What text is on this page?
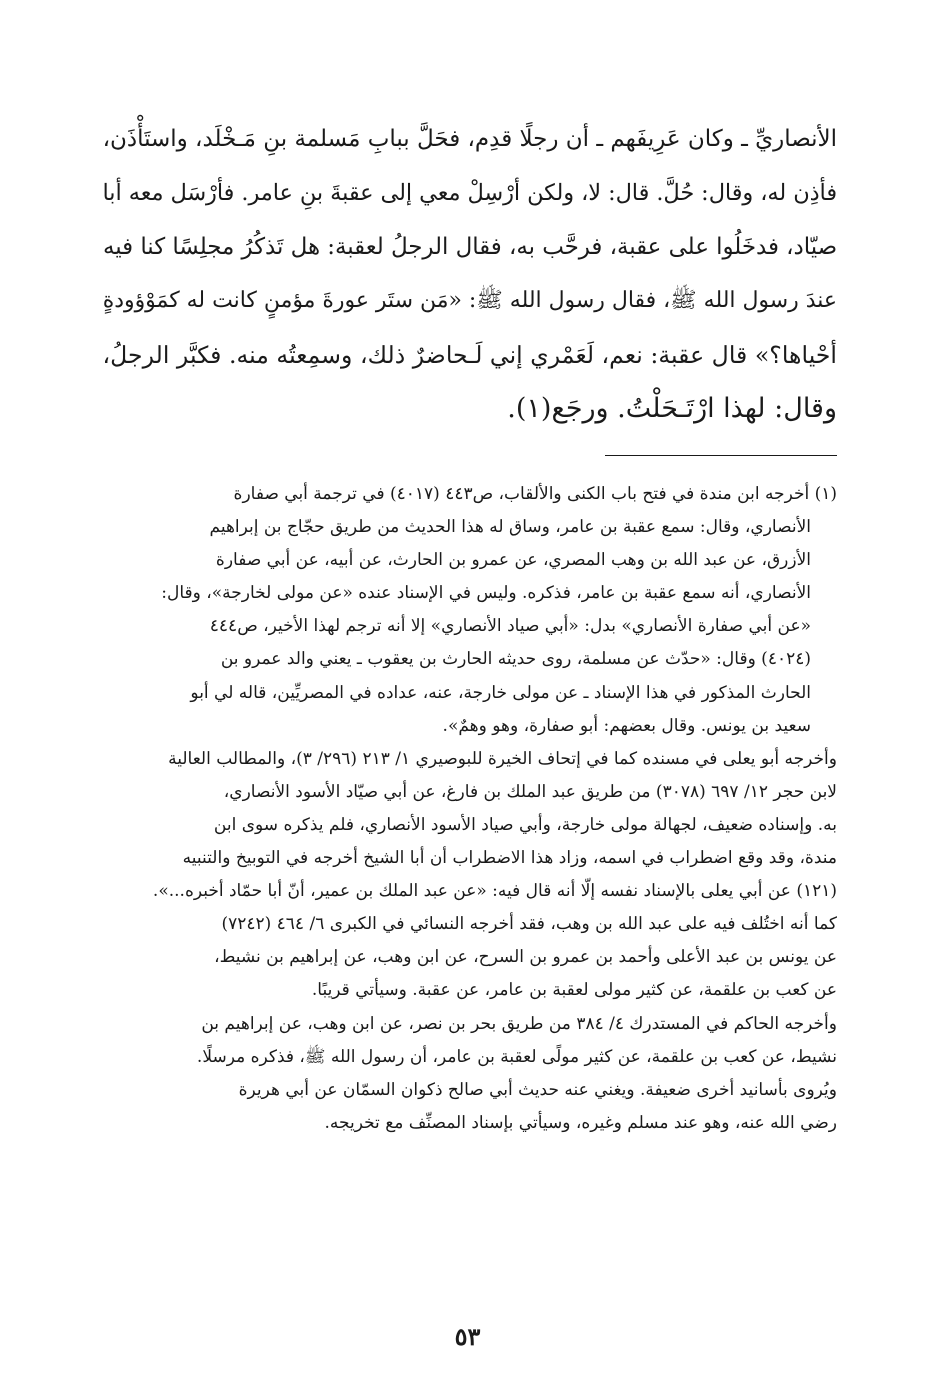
الأنصاريِّ ـ وكان عَرِيفَهم ـ أن رجلًا قدِم، فحَلَّ ببابِ مَسلمة بنِ مَـخْلَد، واستَأْذَن،

فأذِن له، وقال: حُلَّ. قال: لا، ولكن أرْسِلْ معي إلى عقبةَ بنِ عامر. فأرْسَل معه أبا

صيّاد، فدخَلُوا على عقبة، فرحَّب به، فقال الرجلُ لعقبة: هل تَذكُرُ مجلِسًا كنا فيه

عندَ رسول الله ﷺ، فقال رسول الله ﷺ: «مَن ستَر عورةَ مؤمنٍ كانت له كمَوْؤودةٍ

أحْياها؟» قال عقبة: نعم، لَعَمْري إني لَـحاضرٌ ذلك، وسمِعتُه منه. فكبَّر الرجلُ،

وقال: لهذا ارْتَـحَلْتُ. ورجَع(١).

(١) أخرجه ابن مندة في فتح باب الكنى والألقاب، ص٤٤٣ (٤٠١٧) في ترجمة أبي صفارة

الأنصاري، وقال: سمع عقبة بن عامر، وساق له هذا الحديث من طريق حجّاج بن إبراهيم

الأزرق، عن عبد الله بن وهب المصري، عن عمرو بن الحارث، عن أبيه، عن أبي صفارة

الأنصاري، أنه سمع عقبة بن عامر، فذكره. وليس في الإسناد عنده «عن مولى لخارجة»، وقال:

«عن أبي صفارة الأنصاري» بدل: «أبي صياد الأنصاري» إلا أنه ترجم لهذا الأخير، ص٤٤٤

(٤٠٢٤) وقال: «حدّث عن مسلمة، روى حديثه الحارث بن يعقوب ـ يعني والد عمرو بن

الحارث المذكور في هذا الإسناد ـ عن مولى خارجة، عنه، عداده في المصريِّين، قاله لي أبو

سعيد بن يونس. وقال بعضهم: أبو صفارة، وهو وهمٌ».

وأخرجه أبو يعلى في مسنده كما في إتحاف الخيرة للبوصيري ١/ ٢١٣ (٢٩٦/ ٣)، والمطالب العالية

لابن حجر ١٢/ ٦٩٧ (٣٠٧٨) من طريق عبد الملك بن فارغ، عن أبي صيّاد الأسود الأنصاري،

به. وإسناده ضعيف، لجهالة مولى خارجة، وأبي صياد الأسود الأنصاري، فلم يذكره سوى ابن

مندة، وقد وقع اضطراب في اسمه، وزاد هذا الاضطراب أن أبا الشيخ أخرجه في التوبيخ والتنبيه

(١٢١) عن أبي يعلى بالإسناد نفسه إلّا أنه قال فيه: «عن عبد الملك بن عمير، أنّ أبا حمّاد أخبره...».

كما أنه اختُلف فيه على عبد الله بن وهب، فقد أخرجه النسائي في الكبرى ٦/ ٤٦٤ (٧٢٤٢)

عن يونس بن عبد الأعلى وأحمد بن عمرو بن السرح، عن ابن وهب، عن إبراهيم بن نشيط،

عن كعب بن علقمة، عن كثير مولى لعقبة بن عامر، عن عقبة. وسيأتي قريبًا.

وأخرجه الحاكم في المستدرك ٤/ ٣٨٤ من طريق بحر بن نصر، عن ابن وهب، عن إبراهيم بن

نشيط، عن كعب بن علقمة، عن كثير مولًى لعقبة بن عامر، أن رسول الله ﷺ، فذكره مرسلًا.

ويُروى بأسانيد أخرى ضعيفة. ويغني عنه حديث أبي صالح ذكوان السمّان عن أبي هريرة

رضي الله عنه، وهو عند مسلم وغيره، وسيأتي بإسناد المصنِّف مع تخريجه.

٥٣
